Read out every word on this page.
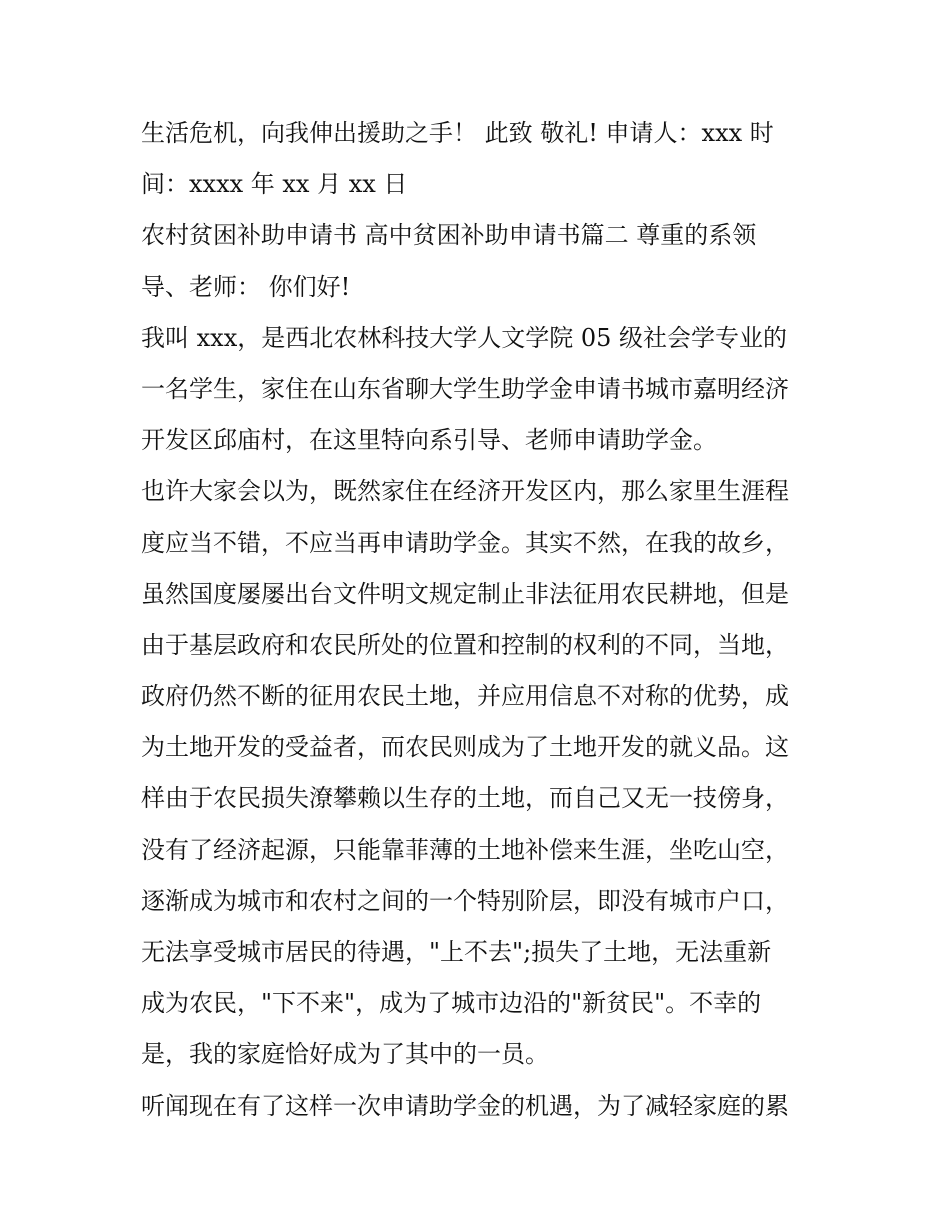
生活危机，向我伸出援助之手！ 此致 敬礼! 申请人：xxx 时
间：xxxx 年 xx 月 xx 日
农村贫困补助申请书 高中贫困补助申请书篇二 尊重的系领
导、老师： 你们好!
我叫 xxx，是西北农林科技大学人文学院 05 级社会学专业的
一名学生，家住在山东省聊大学生助学金申请书城市嘉明经济
开发区邱庙村，在这里特向系引导、老师申请助学金。
也许大家会以为，既然家住在经济开发区内，那么家里生涯程
度应当不错，不应当再申请助学金。其实不然，在我的故乡，
虽然国度屡屡出台文件明文规定制止非法征用农民耕地，但是
由于基层政府和农民所处的位置和控制的权利的不同，当地，
政府仍然不断的征用农民土地，并应用信息不对称的优势，成
为土地开发的受益者，而农民则成为了土地开发的就义品。这
样由于农民损失潦攀赖以生存的土地，而自己又无一技傍身，
没有了经济起源，只能靠菲薄的土地补偿来生涯，坐吃山空，
逐渐成为城市和农村之间的一个特别阶层，即没有城市户口，
无法享受城市居民的待遇，"上不去";损失了土地，无法重新
成为农民，"下不来"，成为了城市边沿的"新贫民"。不幸的
是，我的家庭恰好成为了其中的一员。
听闻现在有了这样一次申请助学金的机遇，为了减轻家庭的累
